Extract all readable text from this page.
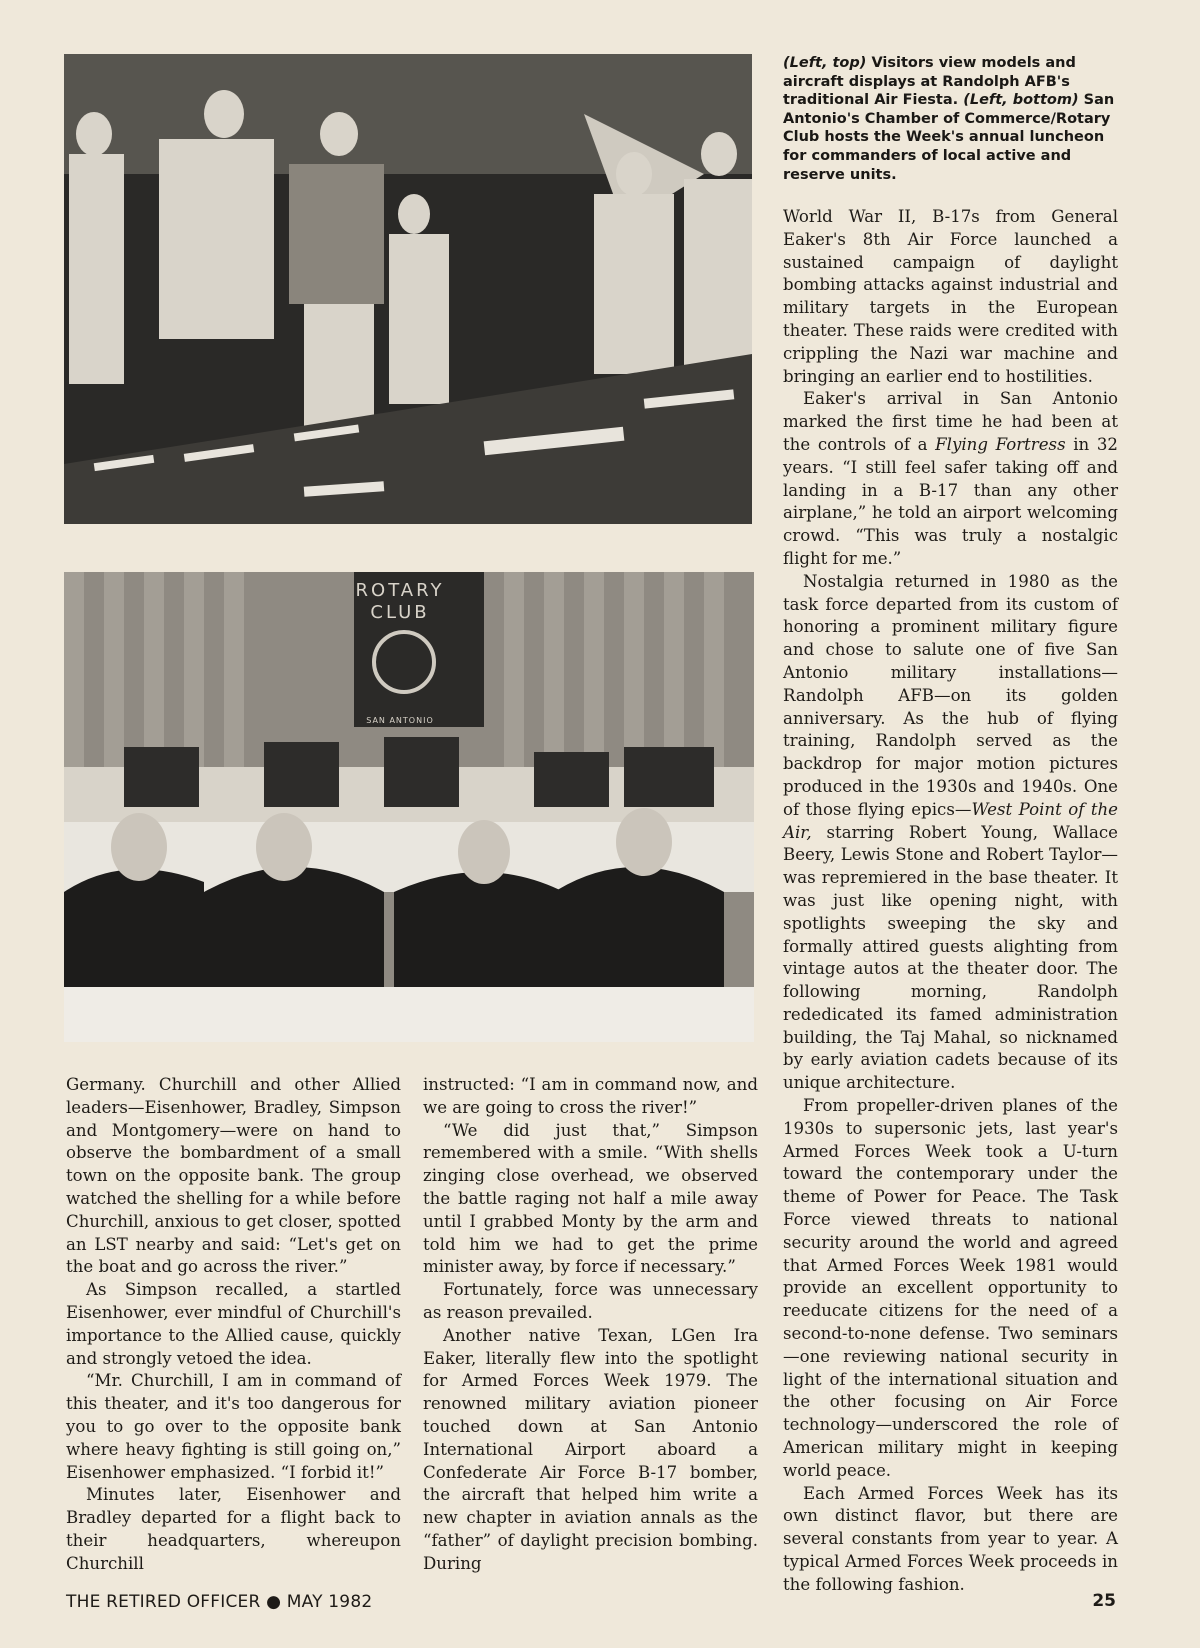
ROTARY
CLUB
SAN ANTONIO

(Left, top) Visitors view models and aircraft displays at Randolph AFB's traditional Air Fiesta. (Left, bottom) San Antonio's Chamber of Commerce/Rotary Club hosts the Week's annual luncheon for commanders of local active and reserve units.

World War II, B-17s from General Eaker's 8th Air Force launched a sustained campaign of daylight bombing attacks against industrial and military targets in the European theater. These raids were credited with crippling the Nazi war machine and bringing an earlier end to hostilities.

Eaker's arrival in San Antonio marked the first time he had been at the controls of a Flying Fortress in 32 years. “I still feel safer taking off and landing in a B-17 than any other airplane,” he told an airport welcoming crowd. “This was truly a nostalgic flight for me.”

Nostalgia returned in 1980 as the task force departed from its custom of honoring a prominent military figure and chose to salute one of five San Antonio military installations—Randolph AFB—on its golden anniversary. As the hub of flying training, Randolph served as the backdrop for major motion pictures produced in the 1930s and 1940s. One of those flying epics—West Point of the Air, starring Robert Young, Wallace Beery, Lewis Stone and Robert Taylor—was repremiered in the base theater. It was just like opening night, with spotlights sweeping the sky and formally attired guests alighting from vintage autos at the theater door. The following morning, Randolph rededicated its famed administration building, the Taj Mahal, so nicknamed by early aviation cadets because of its unique architecture.

From propeller-driven planes of the 1930s to supersonic jets, last year's Armed Forces Week took a U-turn toward the contemporary under the theme of Power for Peace. The Task Force viewed threats to national security around the world and agreed that Armed Forces Week 1981 would provide an excellent opportunity to reeducate citizens for the need of a second-to-none defense. Two seminars—one reviewing national security in light of the international situation and the other focusing on Air Force technology—underscored the role of American military might in keeping world peace.

Each Armed Forces Week has its own distinct flavor, but there are several constants from year to year. A typical Armed Forces Week proceeds in the following fashion.

Germany. Churchill and other Allied leaders—Eisenhower, Bradley, Simpson and Montgomery—were on hand to observe the bombardment of a small town on the opposite bank. The group watched the shelling for a while before Churchill, anxious to get closer, spotted an LST nearby and said: “Let's get on the boat and go across the river.”

As Simpson recalled, a startled Eisenhower, ever mindful of Churchill's importance to the Allied cause, quickly and strongly vetoed the idea.

“Mr. Churchill, I am in command of this theater, and it's too dangerous for you to go over to the opposite bank where heavy fighting is still going on,” Eisenhower emphasized. “I forbid it!”

Minutes later, Eisenhower and Bradley departed for a flight back to their headquarters, whereupon Churchill

instructed: “I am in command now, and we are going to cross the river!”

“We did just that,” Simpson remembered with a smile. “With shells zinging close overhead, we observed the battle raging not half a mile away until I grabbed Monty by the arm and told him we had to get the prime minister away, by force if necessary.”

Fortunately, force was unnecessary as reason prevailed.

Another native Texan, LGen Ira Eaker, literally flew into the spotlight for Armed Forces Week 1979. The renowned military aviation pioneer touched down at San Antonio International Airport aboard a Confederate Air Force B-17 bomber, the aircraft that helped him write a new chapter in aviation annals as the “father” of daylight precision bombing. During

THE RETIRED OFFICER ● MAY 1982	25
